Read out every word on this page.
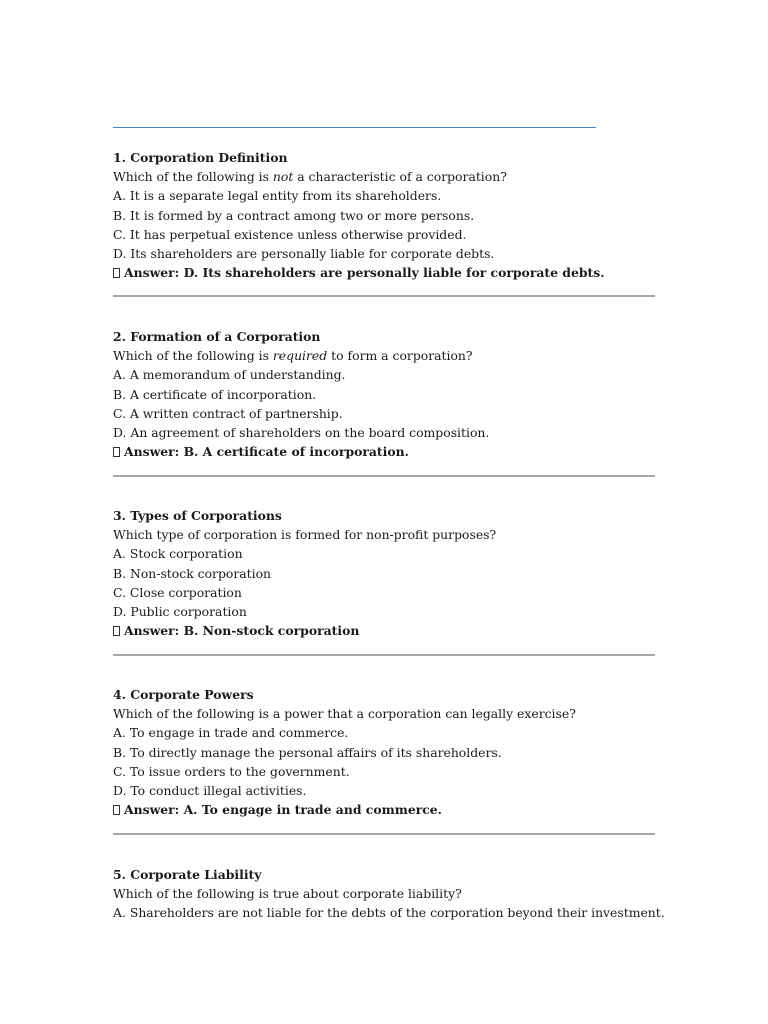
1. Corporation Definition
Which of the following is not a characteristic of a corporation?
A. It is a separate legal entity from its shareholders.
B. It is formed by a contract among two or more persons.
C. It has perpetual existence unless otherwise provided.
D. Its shareholders are personally liable for corporate debts.
Answer: D. Its shareholders are personally liable for corporate debts.
2. Formation of a Corporation
Which of the following is required to form a corporation?
A. A memorandum of understanding.
B. A certificate of incorporation.
C. A written contract of partnership.
D. An agreement of shareholders on the board composition.
Answer: B. A certificate of incorporation.
3. Types of Corporations
Which type of corporation is formed for non-profit purposes?
A. Stock corporation
B. Non-stock corporation
C. Close corporation
D. Public corporation
Answer: B. Non-stock corporation
4. Corporate Powers
Which of the following is a power that a corporation can legally exercise?
A. To engage in trade and commerce.
B. To directly manage the personal affairs of its shareholders.
C. To issue orders to the government.
D. To conduct illegal activities.
Answer: A. To engage in trade and commerce.
5. Corporate Liability
Which of the following is true about corporate liability?
A. Shareholders are not liable for the debts of the corporation beyond their investment.
